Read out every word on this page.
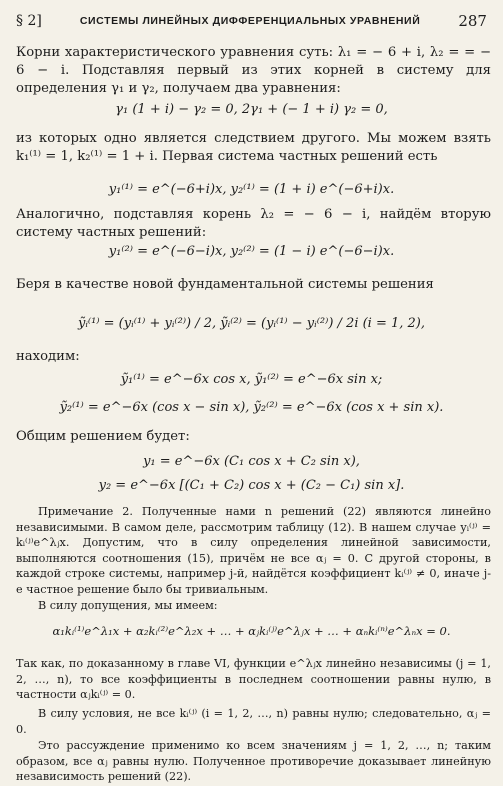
§ 2]	СИСТЕМЫ ЛИНЕЙНЫХ ДИФФЕРЕНЦИАЛЬНЫХ УРАВНЕНИЙ	287
Корни характеристического уравнения суть: λ₁ = − 6 + i, λ₂ = = − 6 − i. Подставляя первый из этих корней в систему для определения γ₁ и γ₂, получаем два уравнения:
γ₁ (1 + i) − γ₂ = 0, 2γ₁ + (− 1 + i) γ₂ = 0,
из которых одно является следствием другого. Мы можем взять k₁⁽¹⁾ = 1, k₂⁽¹⁾ = 1 + i. Первая система частных решений есть
y₁⁽¹⁾ = e^(−6+i)x, y₂⁽¹⁾ = (1 + i) e^(−6+i)x.
Аналогично, подставляя корень λ₂ = − 6 − i, найдём вторую систему частных решений:
y₁⁽²⁾ = e^(−6−i)x, y₂⁽²⁾ = (1 − i) e^(−6−i)x.
Беря в качестве новой фундаментальной системы решения
ỹᵢ⁽¹⁾ = (yᵢ⁽¹⁾ + yᵢ⁽²⁾) / 2, ỹᵢ⁽²⁾ = (yᵢ⁽¹⁾ − yᵢ⁽²⁾) / 2i (i = 1, 2),
находим:
ỹ₁⁽¹⁾ = e^−6x cos x, ỹ₁⁽²⁾ = e^−6x sin x;
ỹ₂⁽¹⁾ = e^−6x (cos x − sin x), ỹ₂⁽²⁾ = e^−6x (cos x + sin x).
Общим решением будет:
y₁ = e^−6x (C₁ cos x + C₂ sin x),
y₂ = e^−6x [(C₁ + C₂) cos x + (C₂ − C₁) sin x].
Примечание 2. Полученные нами n решений (22) являются линейно независимыми. В самом деле, рассмотрим таблицу (12). В нашем случае yᵢ⁽ʲ⁾ = kᵢ⁽ʲ⁾e^λⱼx. Допустим, что в силу определения линейной зависимости, выполняются соотношения (15), причём не все αⱼ = 0. С другой стороны, в каждой строке системы, например j-й, найдётся коэффициент kᵢ⁽ʲ⁾ ≠ 0, иначе j-е частное решение было бы тривиальным.
В силу допущения, мы имеем:
α₁kᵢ⁽¹⁾e^λ₁x + α₂kᵢ⁽²⁾e^λ₂x + … + αⱼkᵢ⁽ʲ⁾e^λⱼx + … + αₙkᵢ⁽ⁿ⁾e^λₙx = 0.
Так как, по доказанному в главе VI, функции e^λⱼx линейно независимы (j = 1, 2, …, n), то все коэффициенты в последнем соотношении равны нулю, в частности αⱼkᵢ⁽ʲ⁾ = 0.
В силу условия, не все kᵢ⁽ʲ⁾ (i = 1, 2, …, n) равны нулю; следовательно, αⱼ = 0.
Это рассуждение применимо ко всем значениям j = 1, 2, …, n; таким образом, все αⱼ равны нулю. Полученное противоречие доказывает линейную независимость решений (22).
